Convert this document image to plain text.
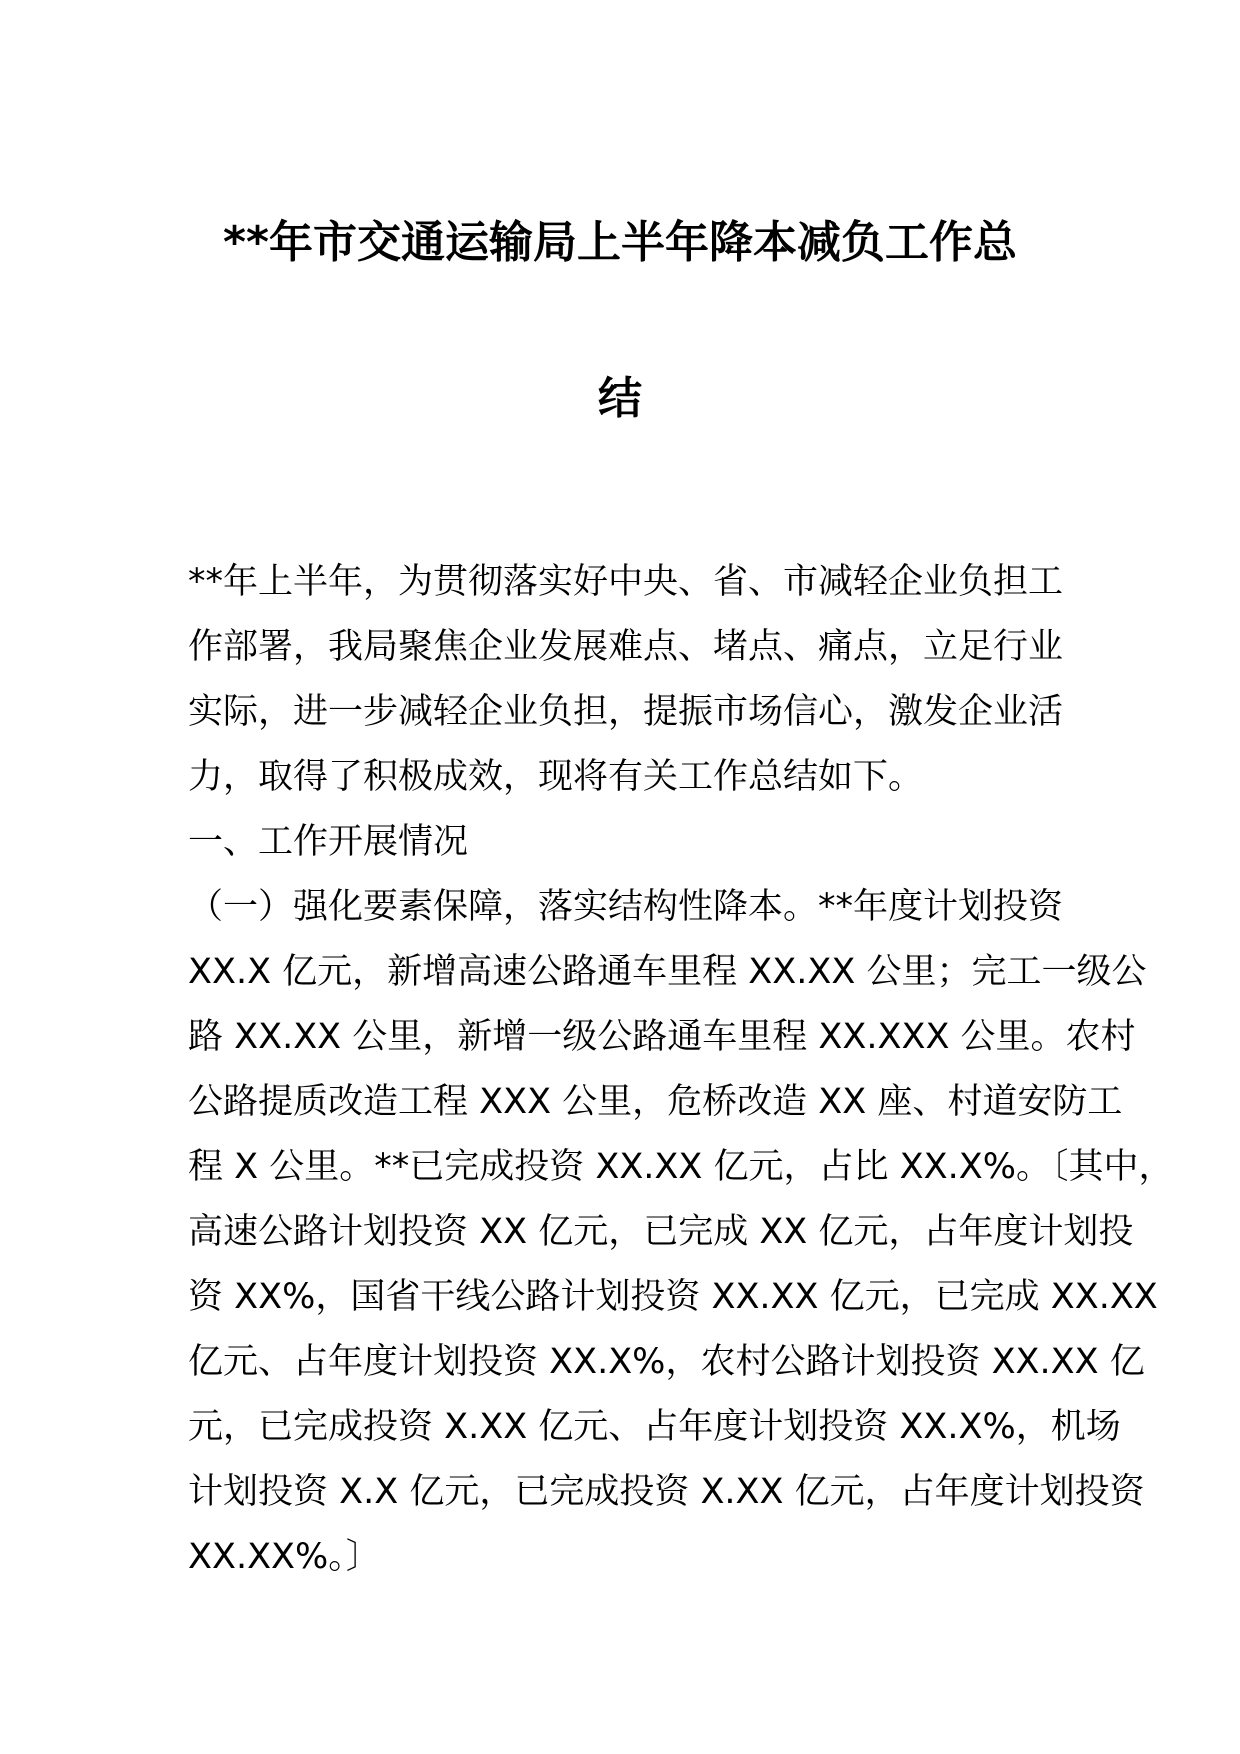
**年市交通运输局上半年降本减负工作总
结
**年上半年，为贯彻落实好中央、省、市减轻企业负担工
作部署，我局聚焦企业发展难点、堵点、痛点，立足行业
实际，进一步减轻企业负担，提振市场信心，激发企业活
力，取得了积极成效，现将有关工作总结如下。
一、工作开展情况
（一）强化要素保障，落实结构性降本。**年度计划投资
XX.X 亿元，新增高速公路通车里程 XX.XX 公里；完工一级公
路 XX.XX 公里，新增一级公路通车里程 XX.XXX 公里。农村
公路提质改造工程 XXX 公里，危桥改造 XX 座、村道安防工
程 X 公里。**已完成投资 XX.XX 亿元，占比 XX.X%。〔其中，
高速公路计划投资 XX 亿元，已完成 XX 亿元，占年度计划投
资 XX%，国省干线公路计划投资 XX.XX 亿元，已完成 XX.XX
亿元、占年度计划投资 XX.X%，农村公路计划投资 XX.XX 亿
元，已完成投资 X.XX 亿元、占年度计划投资 XX.X%，机场
计划投资 X.X 亿元，已完成投资 X.XX 亿元，占年度计划投资
XX.XX%。〕
